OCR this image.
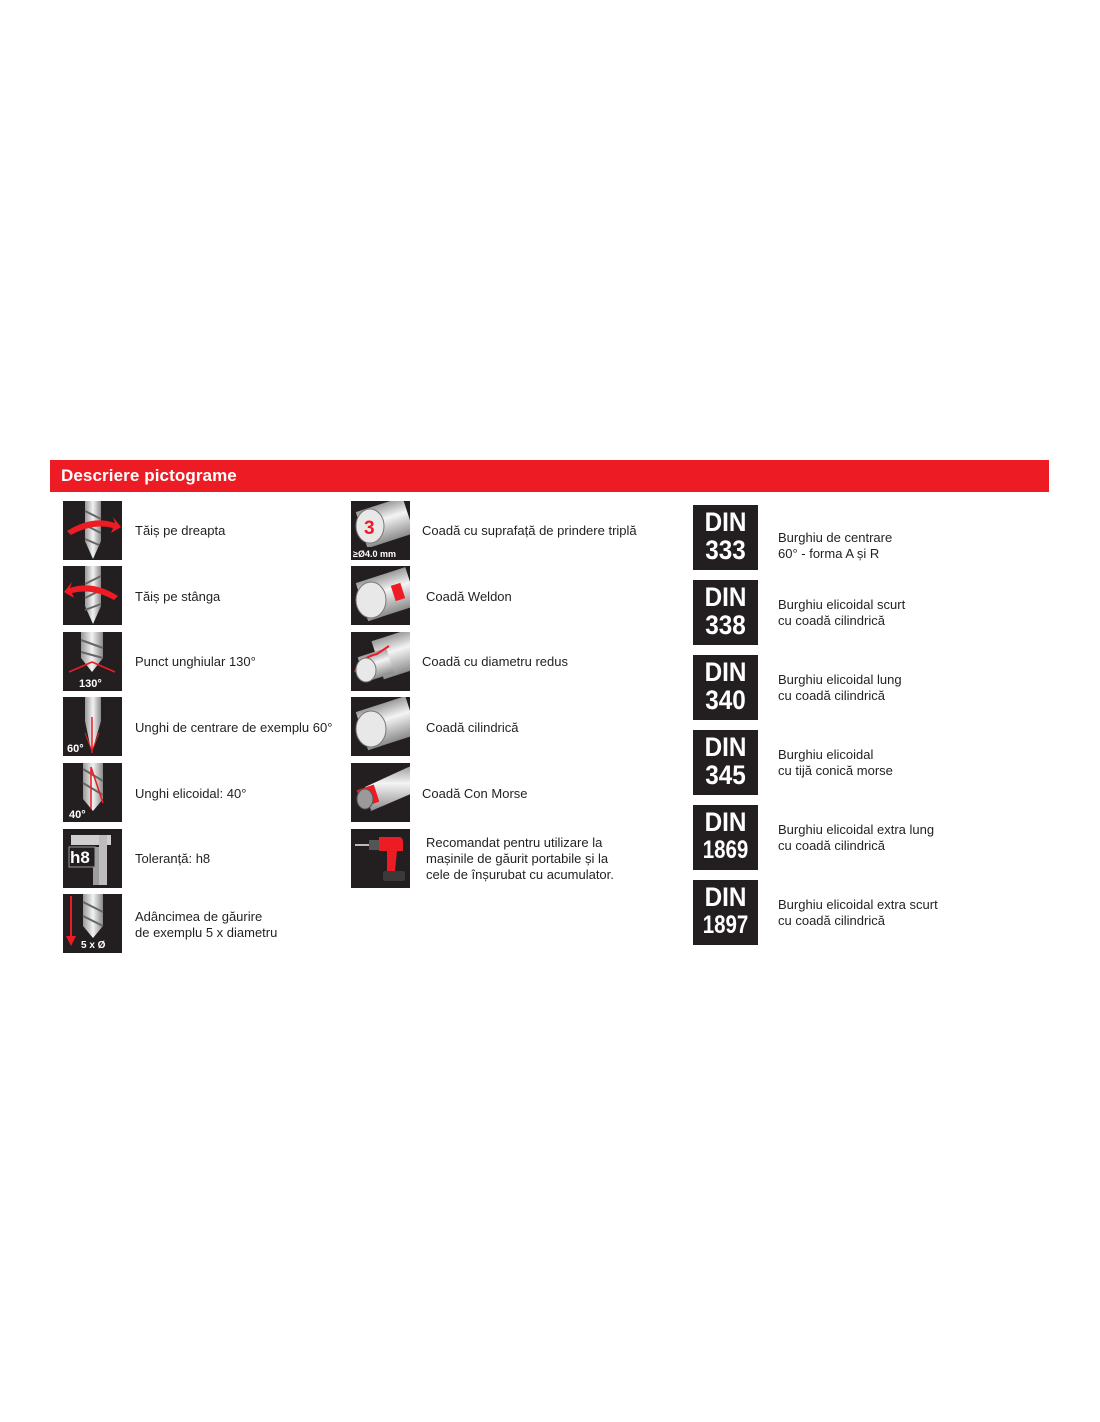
Descriere pictograme
Tăiș pe dreapta
Tăiș pe stânga
130°
Punct unghiular 130°
60°
Unghi de centrare de exemplu 60°
40°
Unghi elicoidal: 40°
h8	Toleranță: h8
5 x Ø
Adâncimea de găurire
de exemplu 5 x diametru
3
≥Ø4.0 mm
Coadă cu suprafață de prindere triplă
Coadă Weldon
Coadă cu diametru redus
Coadă cilindrică
Coadă Con Morse
Recomandat pentru utilizare la
mașinile de găurit portabile și la
cele de înșurubat cu acumulator.
DIN
333	Burghiu de centrare
60° - forma A și R
DIN
338
Burghiu elicoidal scurt
cu coadă cilindrică
DIN
340
Burghiu elicoidal lung
cu coadă cilindrică
DIN
345
Burghiu elicoidal
cu tijă conică morse
DIN
1869
Burghiu elicoidal extra lung
cu coadă cilindrică
DIN
1897
Burghiu elicoidal extra scurt
cu coadă cilindrică
